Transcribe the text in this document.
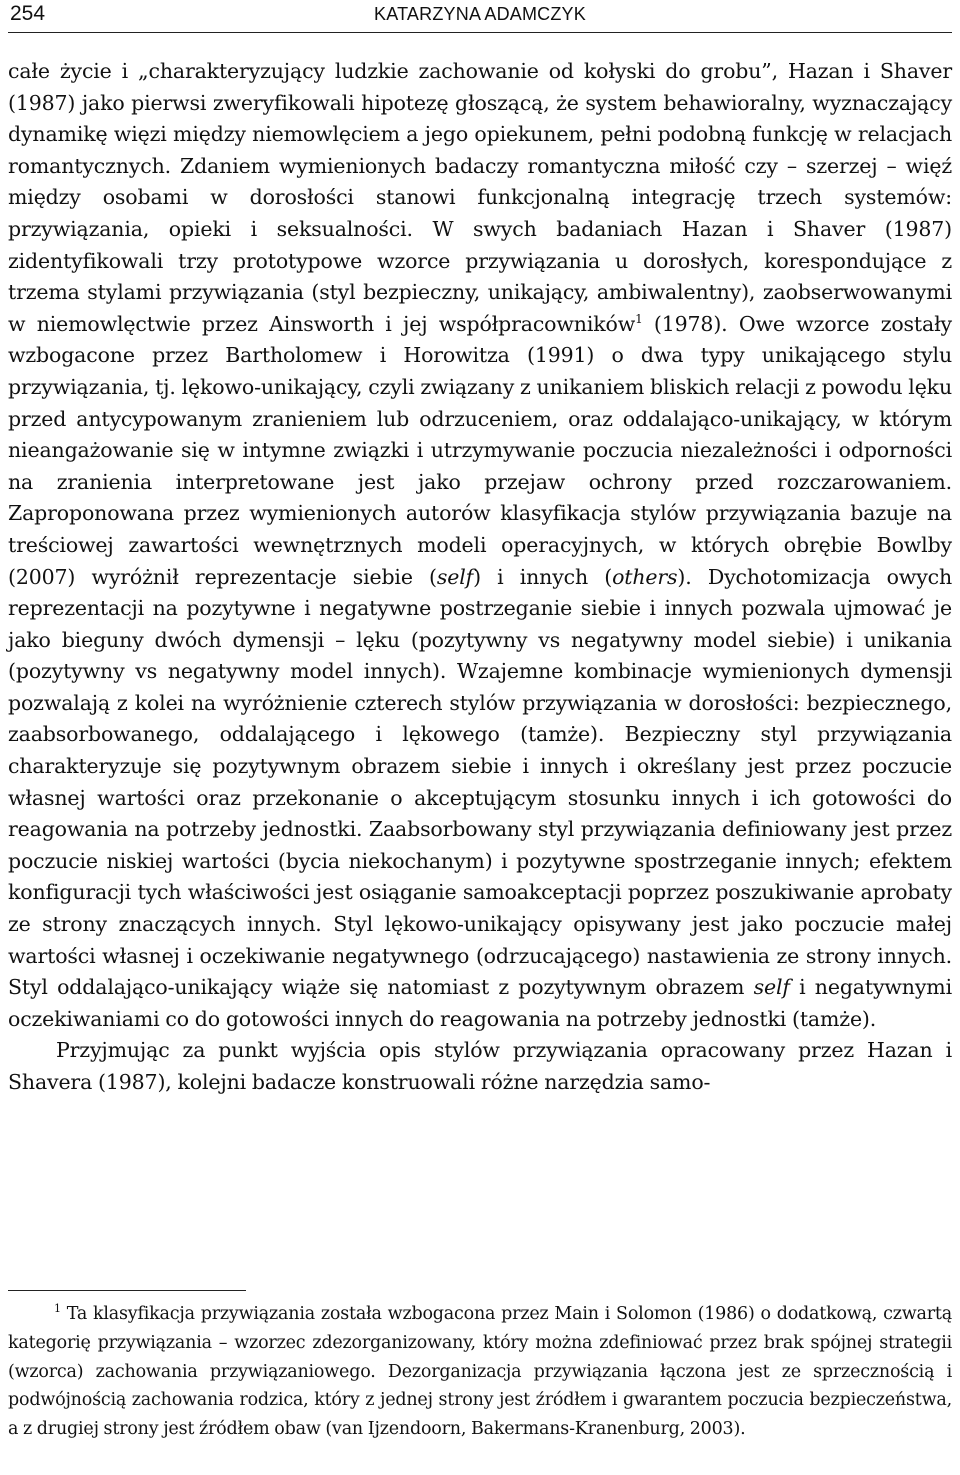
254	KATARZYNA ADAMCZYK

całe życie i „charakteryzujący ludzkie zachowanie od kołyski do grobu”, Hazan i Shaver (1987) jako pierwsi zweryfikowali hipotezę głoszącą, że system behawioralny, wyznaczający dynamikę więzi między niemowlęciem a jego opiekunem, pełni podobną funkcję w relacjach romantycznych. Zdaniem wymienionych badaczy romantyczna miłość czy – szerzej – więź między osobami w dorosłości stanowi funkcjonalną integrację trzech systemów: przywiązania, opieki i seksualności. W swych badaniach Hazan i Shaver (1987) zidentyfikowali trzy prototypowe wzorce przywiązania u dorosłych, korespondujące z trzema stylami przywiązania (styl bezpieczny, unikający, ambiwalentny), zaobserwowanymi w niemowlęctwie przez Ainsworth i jej współpracowników$^1$ (1978). Owe wzorce zostały wzbogacone przez Bartholomew i Horowitza (1991) o dwa typy unikającego stylu przywiązania, tj. lękowo-unikający, czyli związany z unikaniem bliskich relacji z powodu lęku przed antycypowanym zranieniem lub odrzuceniem, oraz oddalająco-unikający, w którym nieangażowanie się w intymne związki i utrzymywanie poczucia niezależności i odporności na zranienia interpretowane jest jako przejaw ochrony przed rozczarowaniem. Zaproponowana przez wymienionych autorów klasyfikacja stylów przywiązania bazuje na treściowej zawartości wewnętrznych modeli operacyjnych, w których obrębie Bowlby (2007) wyróżnił reprezentacje siebie (self) i innych (others). Dychotomizacja owych reprezentacji na pozytywne i negatywne postrzeganie siebie i innych pozwala ujmować je jako bieguny dwóch dymensji – lęku (pozytywny vs negatywny model siebie) i unikania (pozytywny vs negatywny model innych). Wzajemne kombinacje wymienionych dymensji pozwalają z kolei na wyróżnienie czterech stylów przywiązania w dorosłości: bezpiecznego, zaabsorbowanego, oddalającego i lękowego (tamże). Bezpieczny styl przywiązania charakteryzuje się pozytywnym obrazem siebie i innych i określany jest przez poczucie własnej wartości oraz przekonanie o akceptującym stosunku innych i ich gotowości do reagowania na potrzeby jednostki. Zaabsorbowany styl przywiązania definiowany jest przez poczucie niskiej wartości (bycia niekochanym) i pozytywne spostrzeganie innych; efektem konfiguracji tych właściwości jest osiąganie samoakceptacji poprzez poszukiwanie aprobaty ze strony znaczących innych. Styl lękowo-unikający opisywany jest jako poczucie małej wartości własnej i oczekiwanie negatywnego (odrzucającego) nastawienia ze strony innych. Styl oddalająco-unikający wiąże się natomiast z pozytywnym obrazem self i negatywnymi oczekiwaniami co do gotowości innych do reagowania na potrzeby jednostki (tamże).

Przyjmując za punkt wyjścia opis stylów przywiązania opracowany przez Hazan i Shavera (1987), kolejni badacze konstruowali różne narzędzia samo-

$^1$ Ta klasyfikacja przywiązania została wzbogacona przez Main i Solomon (1986) o dodatkową, czwartą kategorię przywiązania – wzorzec zdezorganizowany, który można zdefiniować przez brak spójnej strategii (wzorca) zachowania przywiązaniowego. Dezorganizacja przywiązania łączona jest ze sprzecznością i podwójnością zachowania rodzica, który z jednej strony jest źródłem i gwarantem poczucia bezpieczeństwa, a z drugiej strony jest źródłem obaw (van Ijzendoorn, Bakermans-Kranenburg, 2003).
